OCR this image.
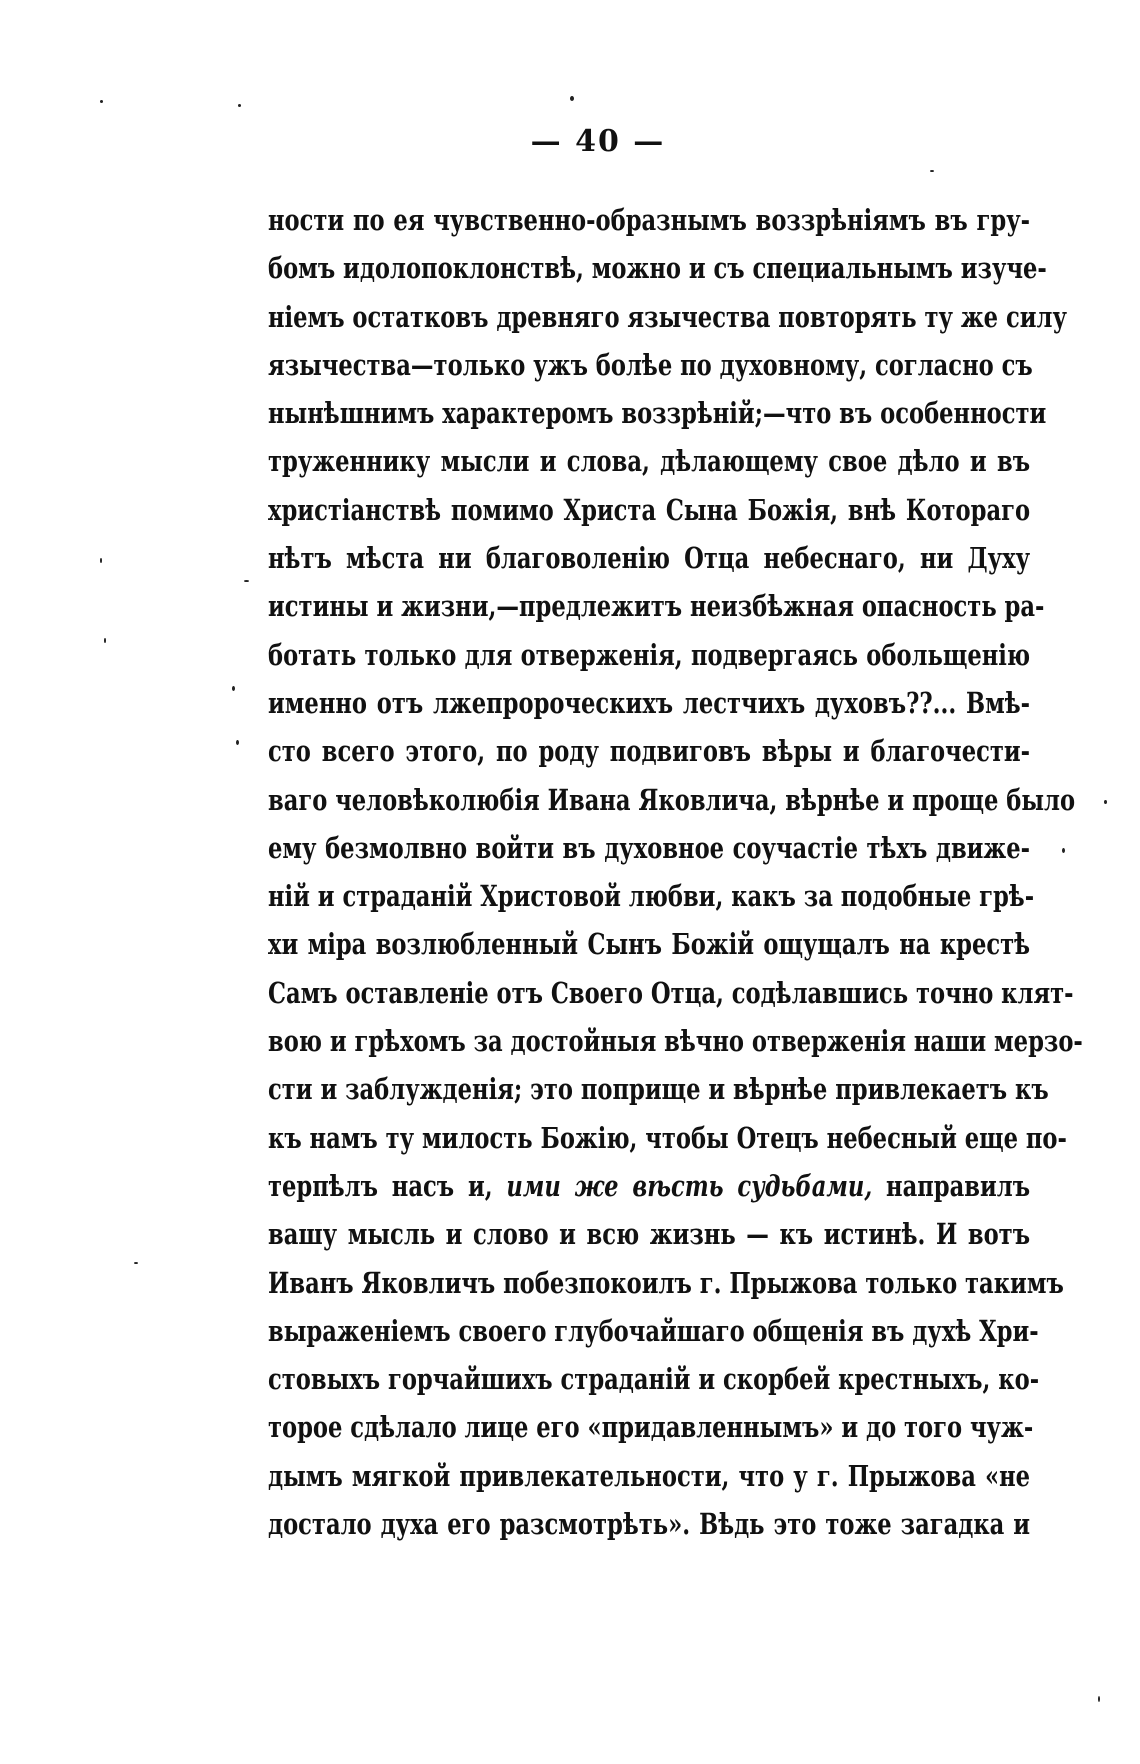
— 40 —
ности по ея чувственно-образнымъ воззрѣніямъ въ гру-
бомъ идолопоклонствѣ, можно и съ специальнымъ изуче-
ніемъ остатковъ древняго язычества повторять ту же силу
язычества—только ужъ болѣе по духовному, согласно съ
нынѣшнимъ характеромъ воззрѣній;—что въ особенности
труженнику мысли и слова, дѣлающему свое дѣло и въ
христіанствѣ помимо Христа Сына Божія, внѣ Котораго
нѣтъ мѣста ни благоволенію Отца небеснаго, ни Духу
истины и жизни,—предлежитъ неизбѣжная опасность ра-
ботать только для отверженія, подвергаясь обольщенію
именно отъ лжепророческихъ лестчихъ духовъ??... Вмѣ-
сто всего этого, по роду подвиговъ вѣры и благочести-
ваго человѣколюбія Ивана Яковлича, вѣрнѣе и проще было
ему безмолвно войти въ духовное соучастіе тѣхъ движе-
ній и страданій Христовой любви, какъ за подобные грѣ-
хи міра возлюбленный Сынъ Божій ощущалъ на крестѣ
Самъ оставленіе отъ Своего Отца, содѣлавшись точно клят-
вою и грѣхомъ за достойныя вѣчно отверженія наши мерзо-
сти и заблужденія; это поприще и вѣрнѣе привлекаетъ къ
къ намъ ту милость Божію, чтобы Отецъ небесный еще по-
терпѣлъ насъ и, ими же вѣсть судьбами, направилъ
вашу мысль и слово и всю жизнь — къ истинѣ. И вотъ
Иванъ Яковличъ побезпокоилъ г. Прыжова только такимъ
выраженіемъ своего глубочайшаго общенія въ духѣ Хри-
стовыхъ горчайшихъ страданій и скорбей крестныхъ, ко-
торое сдѣлало лице его «придавленнымъ» и до того чуж-
дымъ мягкой привлекательности, что у г. Прыжова «не
достало духа его разсмотрѣть». Вѣдь это тоже загадка и
